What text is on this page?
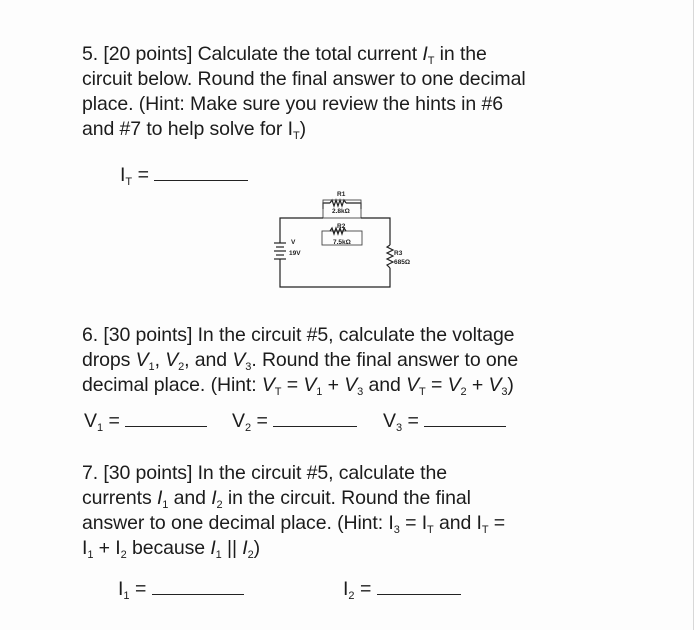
5. [20 points] Calculate the total current $I_T$ in the
circuit below. Round the final answer to one decimal
place. (Hint: Make sure you review the hints in #6
and #7 to help solve for $I_T$)
$I_T$ =
R1
2.8kΩ
R2
7.5kΩ
R3
685Ω
V
19V
6. [30 points] In the circuit #5, calculate the voltage
drops $V_1$, $V_2$, and $V_3$. Round the final answer to one
decimal place. (Hint: $V_T = V_1 + V_3$ and $V_T = V_2 + V_3$)
$V_1$ =	$V_2$ =	$V_3$ =
7. [30 points] In the circuit #5, calculate the
currents $I_1$ and $I_2$ in the circuit. Round the final
answer to one decimal place. (Hint: $I_3 = I_T$ and $I_T$ =
$I_1 + I_2$ because $I_1$ || $I_2$)
$I_1$ =	$I_2$ =
